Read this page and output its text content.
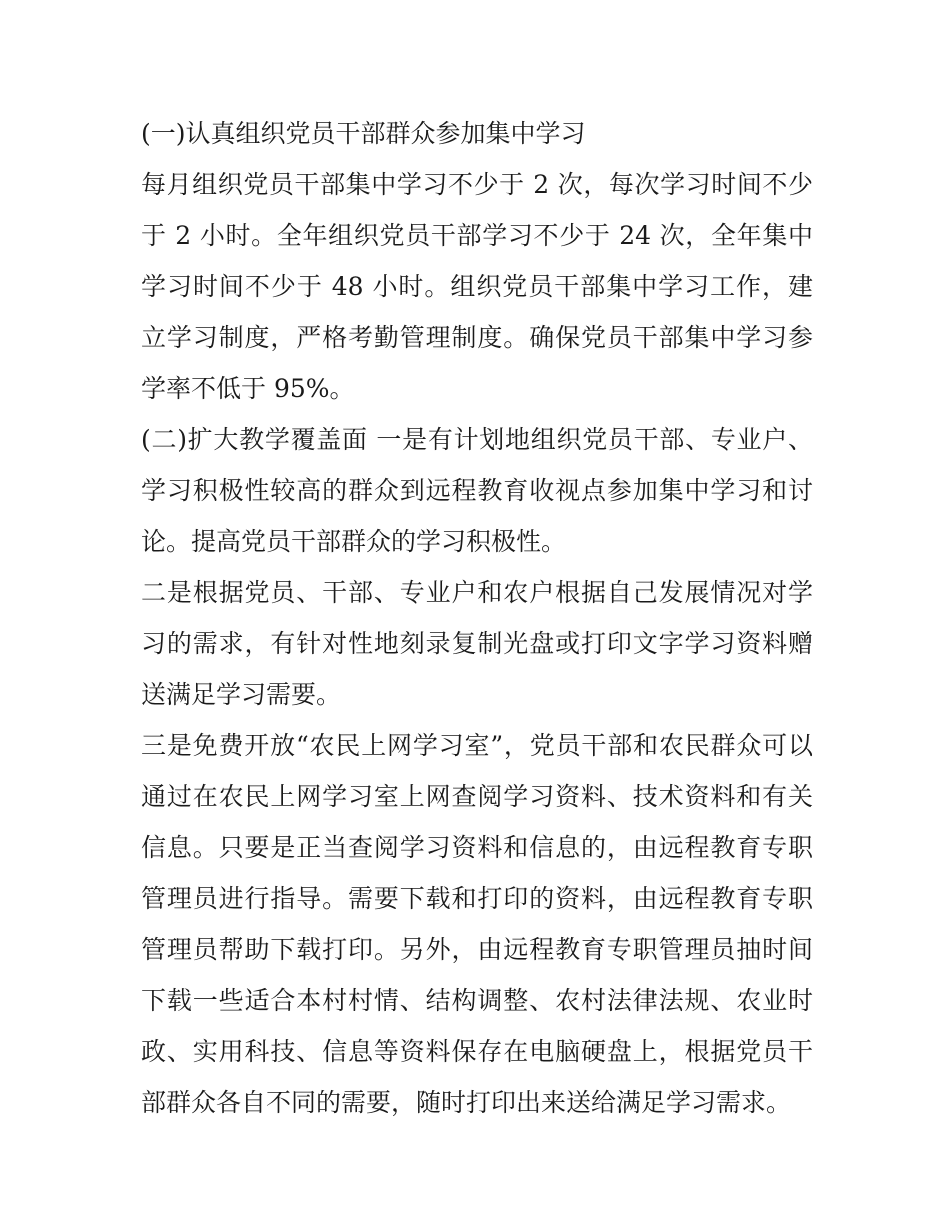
(一)认真组织党员干部群众参加集中学习

每月组织党员干部集中学习不少于 2 次，每次学习时间不少于 2 小时。全年组织党员干部学习不少于 24 次，全年集中学习时间不少于 48 小时。组织党员干部集中学习工作，建立学习制度，严格考勤管理制度。确保党员干部集中学习参学率不低于 95%。

(二)扩大教学覆盖面 一是有计划地组织党员干部、专业户、学习积极性较高的群众到远程教育收视点参加集中学习和讨论。提高党员干部群众的学习积极性。

二是根据党员、干部、专业户和农户根据自己发展情况对学习的需求，有针对性地刻录复制光盘或打印文字学习资料赠送满足学习需要。

三是免费开放“农民上网学习室”，党员干部和农民群众可以通过在农民上网学习室上网查阅学习资料、技术资料和有关信息。只要是正当查阅学习资料和信息的，由远程教育专职管理员进行指导。需要下载和打印的资料，由远程教育专职管理员帮助下载打印。另外，由远程教育专职管理员抽时间下载一些适合本村村情、结构调整、农村法律法规、农业时政、实用科技、信息等资料保存在电脑硬盘上，根据党员干部群众各自不同的需要，随时打印出来送给满足学习需求。
